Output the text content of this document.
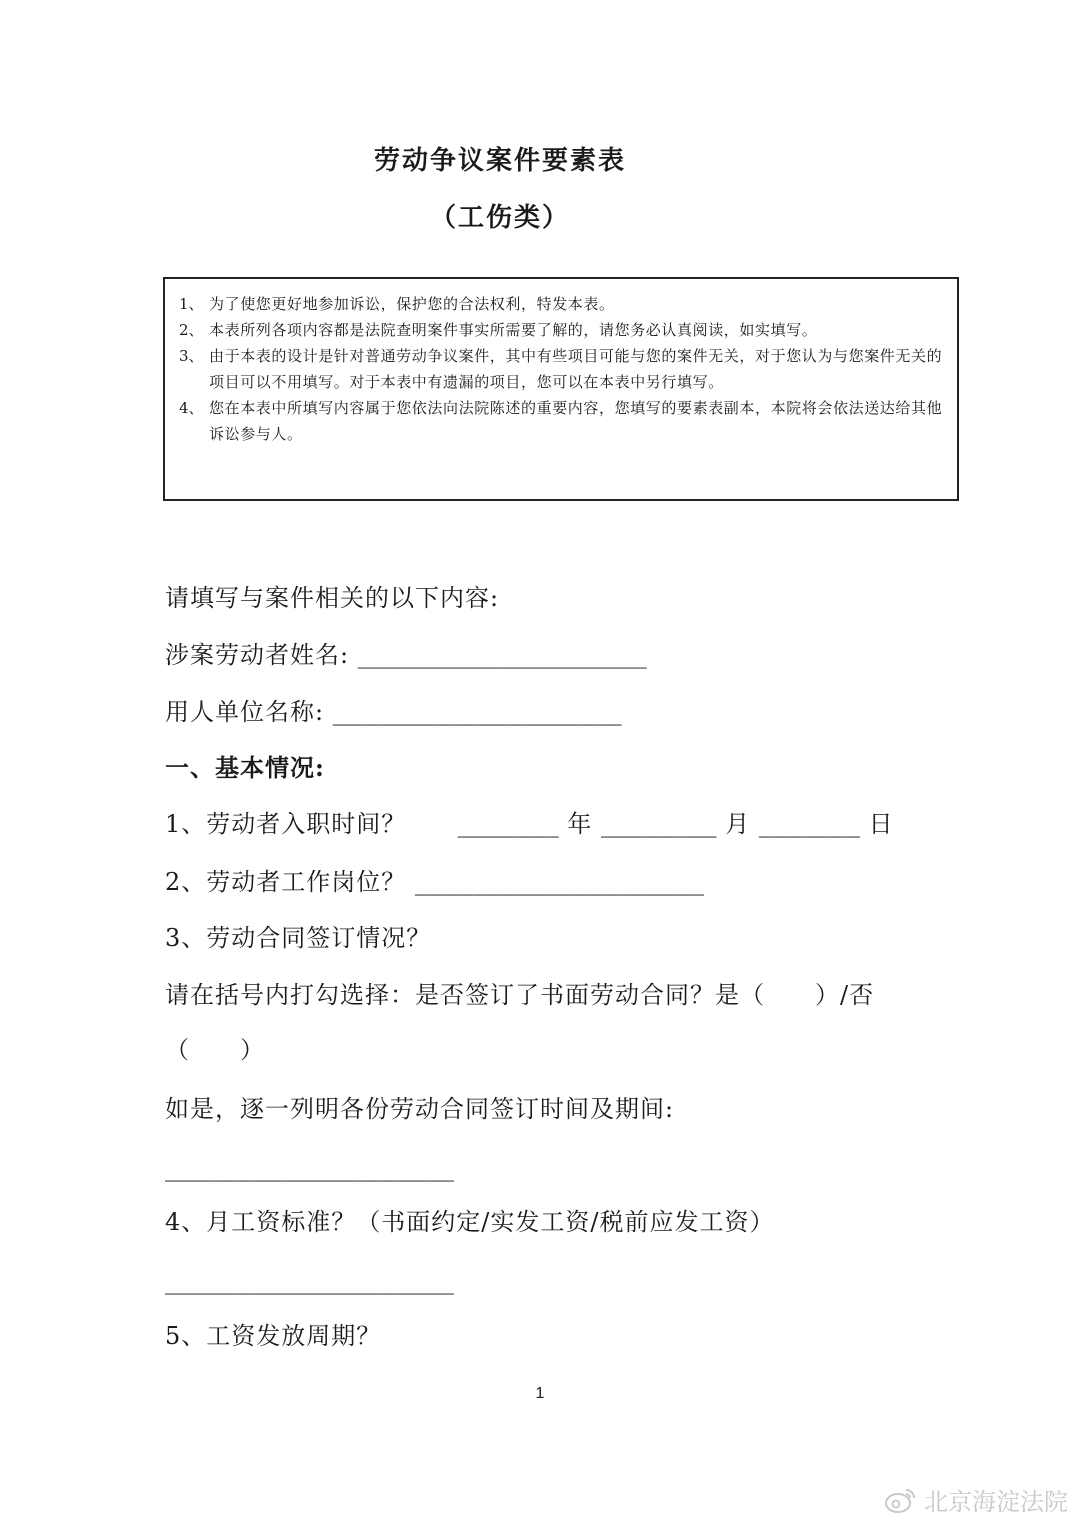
劳动争议案件要素表
（工伤类）
1、 为了使您更好地参加诉讼，保护您的合法权利，特发本表。
2、 本表所列各项内容都是法院查明案件事实所需要了解的，请您务必认真阅读，如实填写。
3、 由于本表的设计是针对普通劳动争议案件，其中有些项目可能与您的案件无关，对于您认为与您案件无关的项目可以不用填写。对于本表中有遗漏的项目，您可以在本表中另行填写。
4、 您在本表中所填写内容属于您依法向法院陈述的重要内容，您填写的要素表副本，本院将会依法送达给其他诉讼参与人。
请填写与案件相关的以下内容:
涉案劳动者姓名: ____________________
用人单位名称: ____________________
一、基本情况:
1、劳动者入职时间？ _______ 年 ________ 月 _______ 日
2、劳动者工作岗位？ ____________________
3、劳动合同签订情况？
请在括号内打勾选择：是否签订了书面劳动合同？是（　　）/否
（　　）
如是，逐一列明各份劳动合同签订时间及期间:
____________________
4、月工资标准？（书面约定/实发工资/税前应发工资）
____________________
5、工资发放周期？
1
北京海淀法院
